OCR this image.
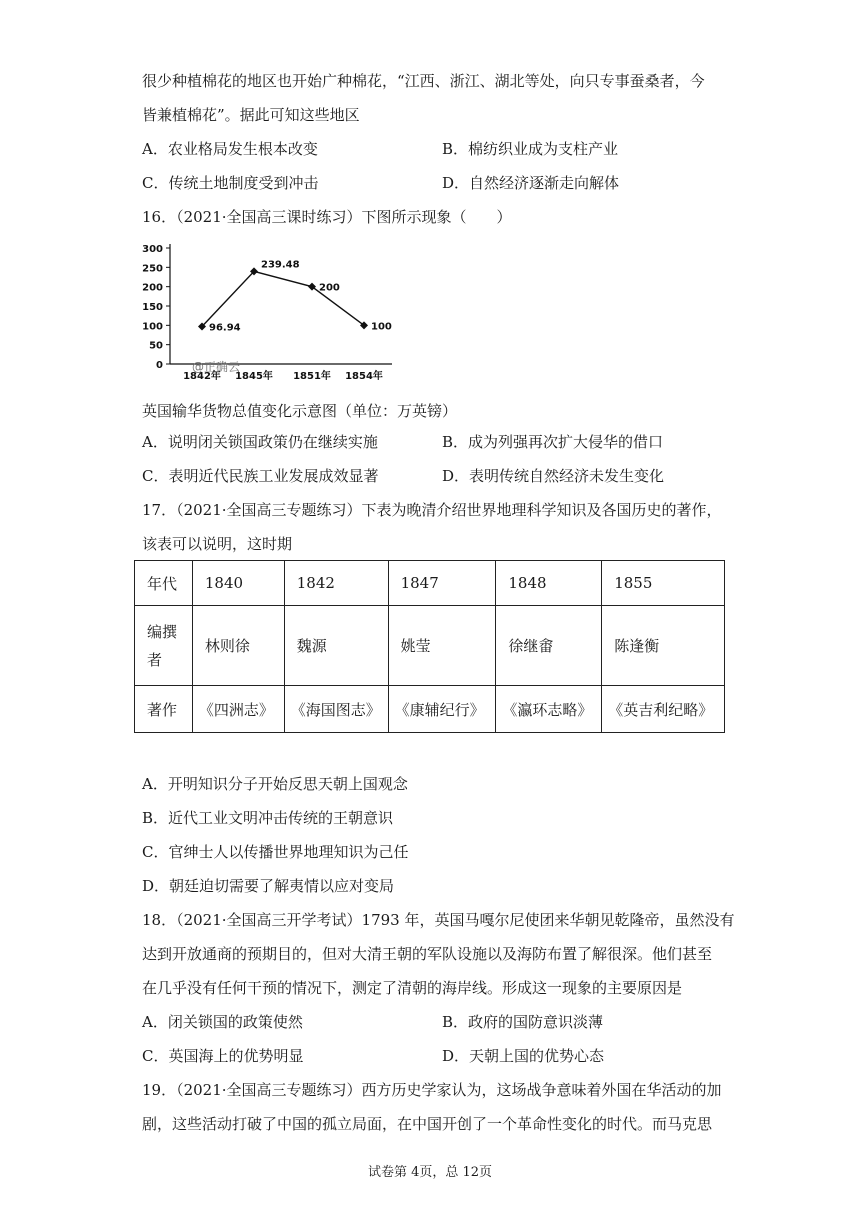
很少种植棉花的地区也开始广种棉花，“江西、浙江、湖北等处，向只专事蚕桑者，今
皆兼植棉花”。据此可知这些地区
A．农业格局发生根本改变	B．棉纺织业成为支柱产业
C．传统土地制度受到冲击	D．自然经济逐渐走向解体
16．（2021·全国高三课时练习）下图所示现象（　　）
0
50
100
150
200
250
300
1842年 1845年 1851年 1854年
96.94
239.48
200
100
@正确云
英国输华货物总值变化示意图（单位：万英镑）
A．说明闭关锁国政策仍在继续实施	B．成为列强再次扩大侵华的借口
C．表明近代民族工业发展成效显著	D．表明传统自然经济未发生变化
17．（2021·全国高三专题练习）下表为晚清介绍世界地理科学知识及各国历史的著作，
该表可以说明，这时期
年代	1840	1842	1847	1848	1855

编撰
者	林则徐	魏源	姚莹	徐继畬	陈逢衡
著作	《四洲志》	《海国图志》	《康辅纪行》	《瀛环志略》	《英吉利纪略》
A．开明知识分子开始反思天朝上国观念
B．近代工业文明冲击传统的王朝意识
C．官绅士人以传播世界地理知识为己任
D．朝廷迫切需要了解夷情以应对变局
18．（2021·全国高三开学考试）1793 年，英国马嘎尔尼使团来华朝见乾隆帝，虽然没有
达到开放通商的预期目的，但对大清王朝的军队设施以及海防布置了解很深。他们甚至
在几乎没有任何干预的情况下，测定了清朝的海岸线。形成这一现象的主要原因是
A．闭关锁国的政策使然	B．政府的国防意识淡薄
C．英国海上的优势明显	D．天朝上国的优势心态
19．（2021·全国高三专题练习）西方历史学家认为，这场战争意味着外国在华活动的加
剧，这些活动打破了中国的孤立局面，在中国开创了一个革命性变化的时代。而马克思
试卷第 4页，总 12页
